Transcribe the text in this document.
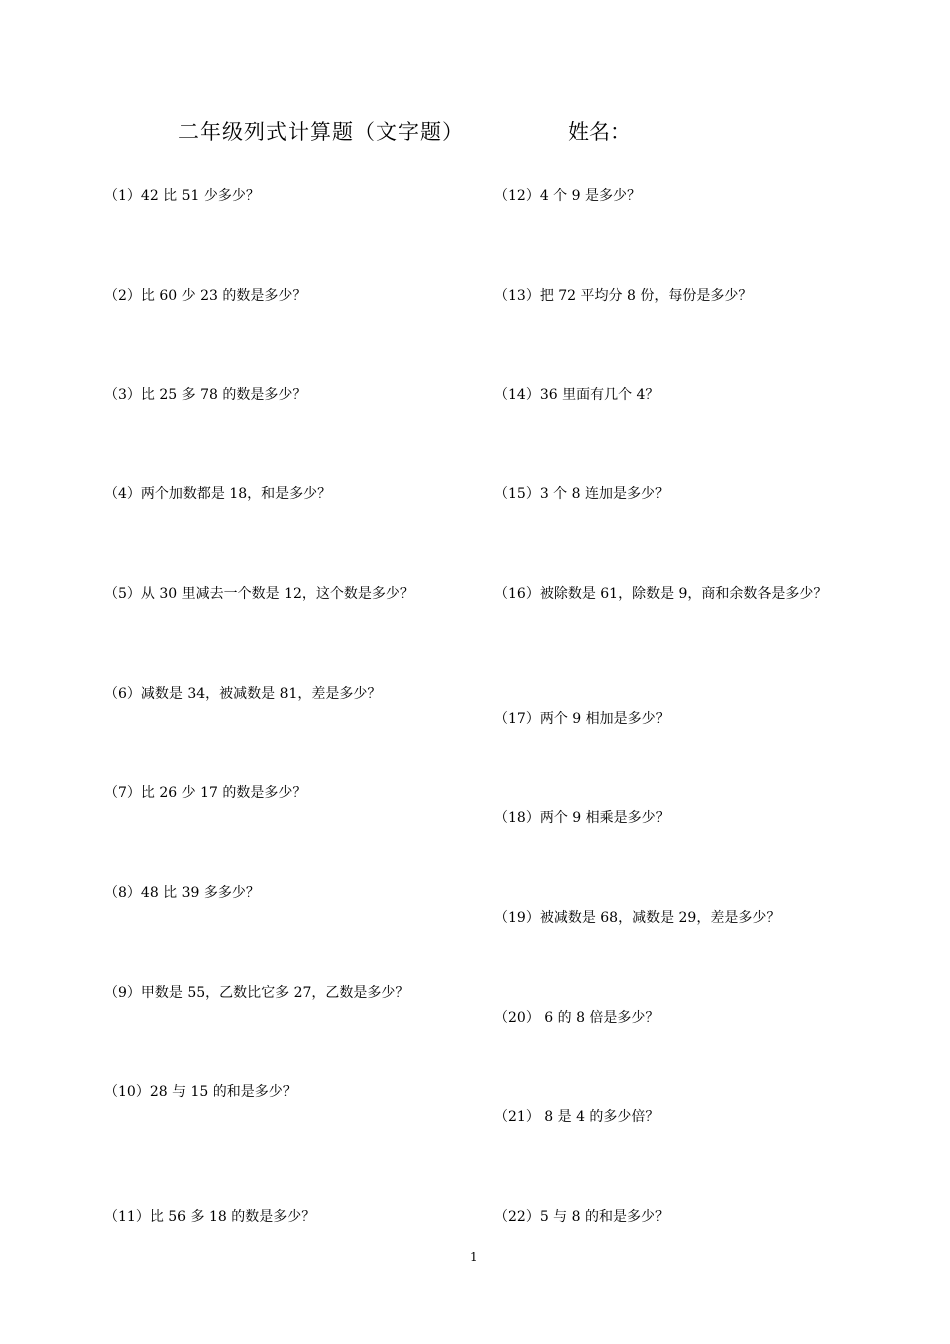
二年级列式计算题（文字题）	姓名：
（1）42 比 51 少多少？
（2）比 60 少 23 的数是多少？
（3）比 25 多 78 的数是多少？
（4）两个加数都是 18，和是多少？
（5）从 30 里减去一个数是 12，这个数是多少？
（6）减数是 34，被减数是 81，差是多少？
（7）比 26 少 17 的数是多少？
（8）48 比 39 多多少？
（9）甲数是 55，乙数比它多 27，乙数是多少？
（10）28 与 15 的和是多少？
（11）比 56 多 18 的数是多少？
（12）4 个 9 是多少？
（13）把 72 平均分 8 份，每份是多少？
（14）36 里面有几个 4？
（15）3 个 8 连加是多少？
（16）被除数是 61，除数是 9，商和余数各是多少？
（17）两个 9 相加是多少？
（18）两个 9 相乘是多少？
（19）被减数是 68，减数是 29，差是多少？
（20） 6 的 8 倍是多少？
（21） 8 是 4 的多少倍？
（22）5 与 8 的和是多少？
1
